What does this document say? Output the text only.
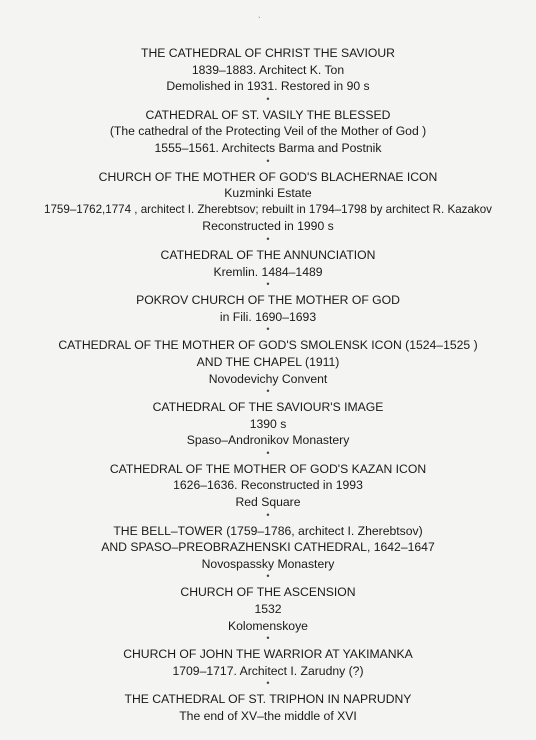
ˎ
THE CATHEDRAL OF CHRIST THE SAVIOUR
1839–1883. Architect K. Ton
Demolished in 1931. Restored in 90 s
•
CATHEDRAL OF ST. VASILY THE BLESSED
(The cathedral of the Protecting Veil of the Mother of God )
1555–1561. Architects Barma and Postnik
•
CHURCH OF THE MOTHER OF GOD'S BLACHERNAE ICON
Kuzminki Estate
1759–1762,1774 , architect I. Zherebtsov; rebuilt in 1794–1798 by architect R. Kazakov
Reconstructed in 1990 s
•
CATHEDRAL OF THE ANNUNCIATION
Kremlin. 1484–1489
•
POKROV CHURCH OF THE MOTHER OF GOD
in Fili. 1690–1693
•
CATHEDRAL OF THE MOTHER OF GOD'S SMOLENSK ICON (1524–1525 )
AND THE CHAPEL (1911)
Novodevichy Convent
•
CATHEDRAL OF THE SAVIOUR'S IMAGE
1390 s
Spaso–Andronikov Monastery
•
CATHEDRAL OF THE MOTHER OF GOD'S KAZAN ICON
1626–1636. Reconstructed in 1993
Red Square
•
THE BELL–TOWER (1759–1786, architect I. Zherebtsov)
AND SPASO–PREOBRAZHENSKI CATHEDRAL, 1642–1647
Novospassky Monastery
•
CHURCH OF THE ASCENSION
1532
Kolomenskoye
•
CHURCH OF JOHN THE WARRIOR AT YAKIMANKA
1709–1717. Architect I. Zarudny (?)
•
THE CATHEDRAL OF ST. TRIPHON IN NAPRUDNY
The end of XV–the middle of XVI
